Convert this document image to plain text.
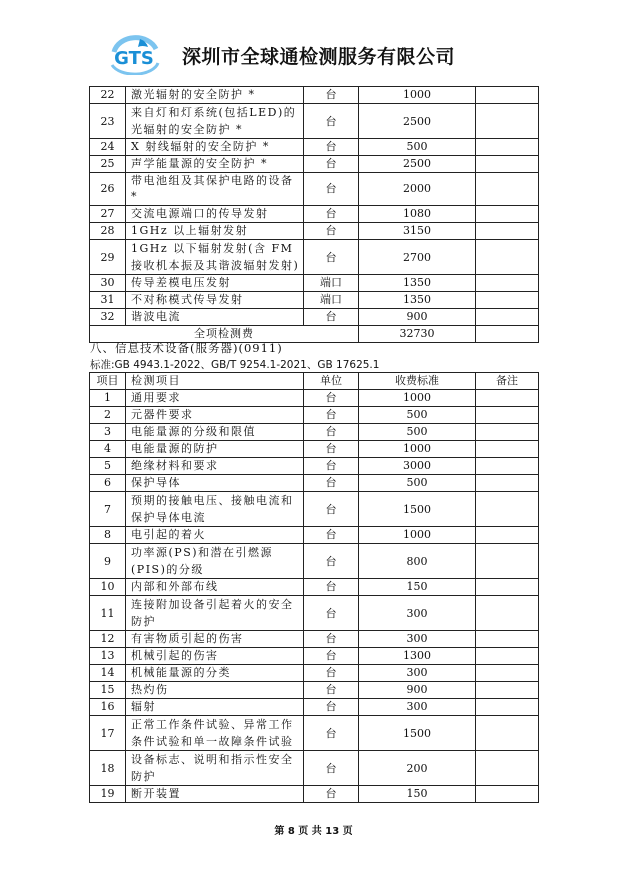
GTS 深圳市全球通检测服务有限公司
22	激光辐射的安全防护 *	台	1000	
23	来自灯和灯系统(包括LED)的光辐射的安全防护 *	台	2500	
24	X 射线辐射的安全防护 *	台	500	
25	声学能量源的安全防护 *	台	2500	
26	带电池组及其保护电路的设备 *	台	2000	
27	交流电源端口的传导发射	台	1080	
28	1GHz 以上辐射发射	台	3150	
29	1GHz 以下辐射发射(含 FM 接收机本振及其谐波辐射发射)	台	2700	
30	传导差模电压发射	端口	1350	
31	不对称模式传导发射	端口	1350	
32	谐波电流	台	900	
全项检测费			32730	
八、信息技术设备(服务器)(0911)
标准:GB 4943.1-2022、GB/T 9254.1-2021、GB 17625.1
项目	检测项目	单位	收费标准	备注
1	通用要求	台	1000	
2	元器件要求	台	500	
3	电能量源的分级和限值	台	500	
4	电能量源的防护	台	1000	
5	绝缘材料和要求	台	3000	
6	保护导体	台	500	
7	预期的接触电压、接触电流和保护导体电流	台	1500	
8	电引起的着火	台	1000	
9	功率源(PS)和潜在引燃源(PIS)的分级	台	800	
10	内部和外部布线	台	150	
11	连接附加设备引起着火的安全防护	台	300	
12	有害物质引起的伤害	台	300	
13	机械引起的伤害	台	1300	
14	机械能量源的分类	台	300	
15	热灼伤	台	900	
16	辐射	台	300	
17	正常工作条件试验、异常工作条件试验和单一故障条件试验	台	1500	
18	设备标志、说明和指示性安全防护	台	200	
19	断开装置	台	150	
第 8 页 共 13 页
